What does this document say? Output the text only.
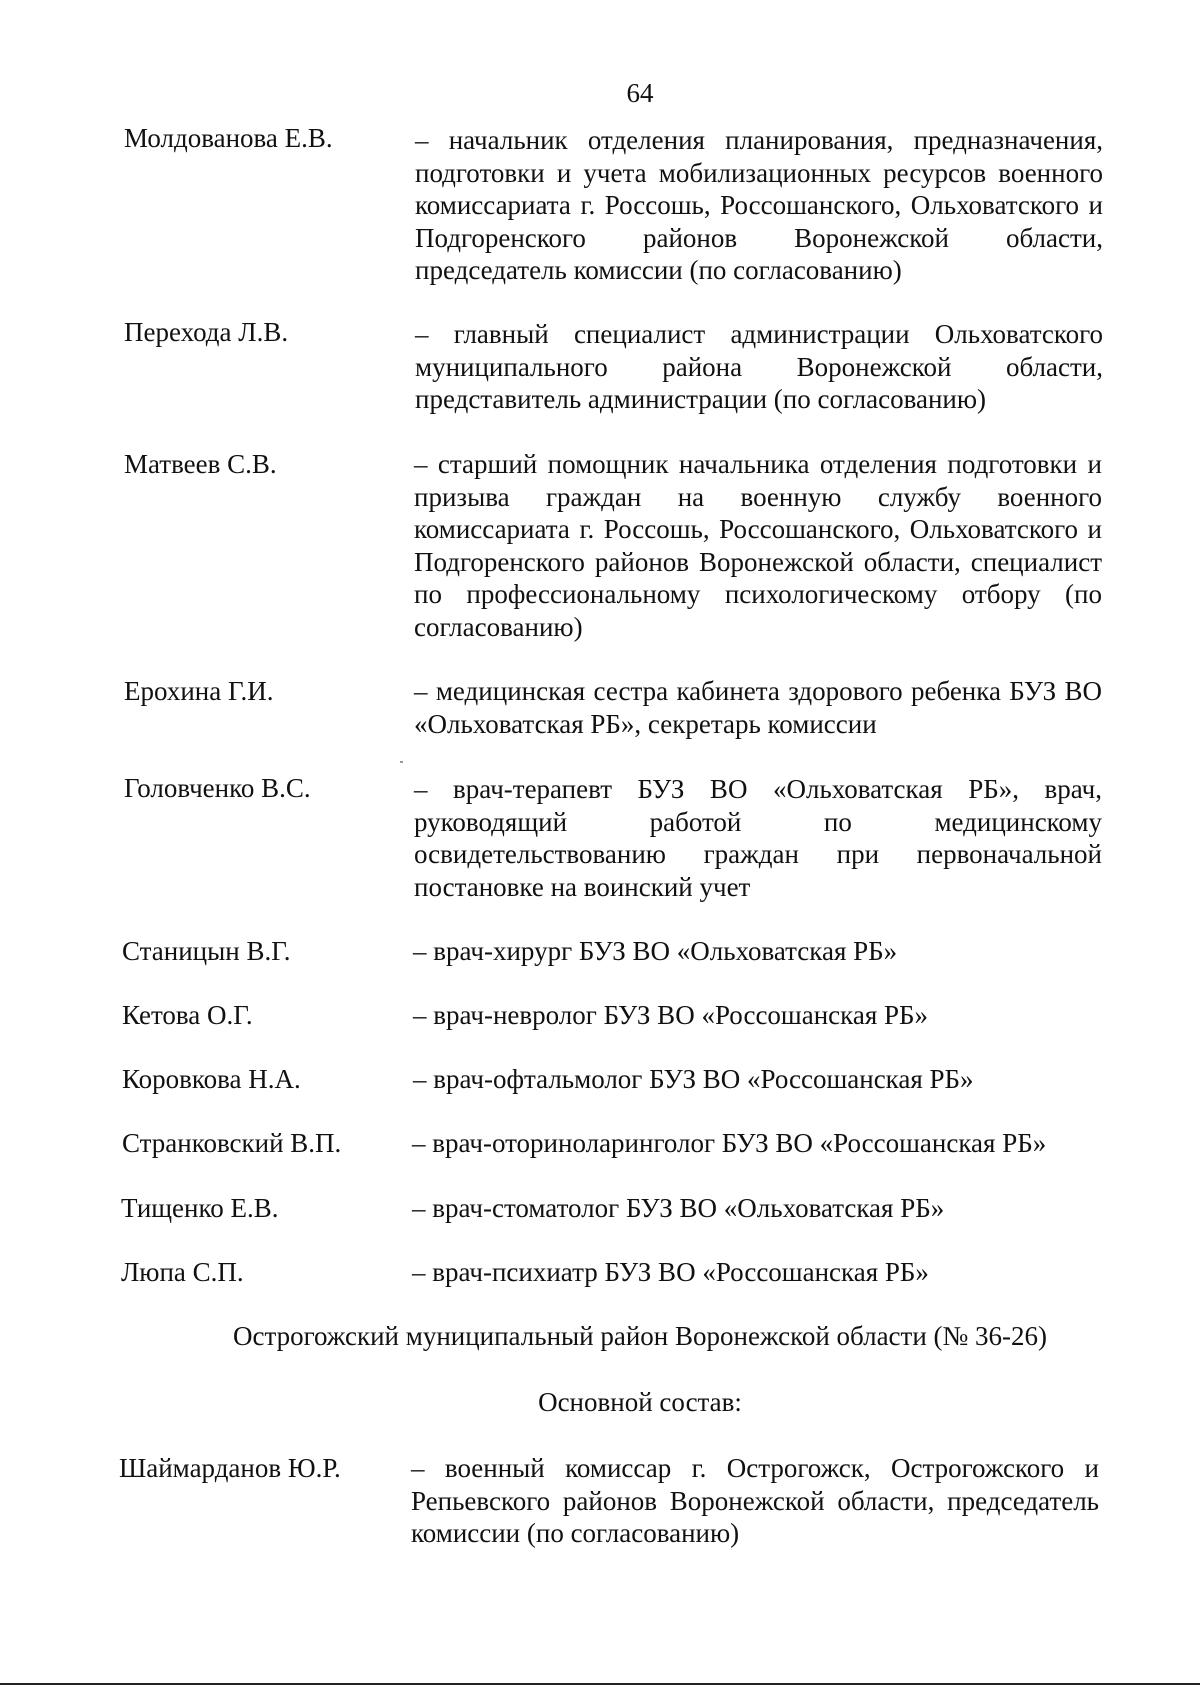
64
Молдованова Е.В.	– начальник отделения планирования, предназначения, подготовки и учета мобилизационных ресурсов военного комиссариата г. Россошь, Россошанского, Ольховатского и Подгоренского районов Воронежской области, председатель комиссии (по согласованию)
Перехода Л.В.	– главный специалист администрации Ольховатского муниципального района Воронежской области, представитель администрации (по согласованию)
Матвеев С.В.	– старший помощник начальника отделения подготовки и призыва граждан на военную службу военного комиссариата г. Россошь, Россошанского, Ольховатского и Подгоренского районов Воронежской области, специалист по профессиональному психологическому отбору (по согласованию)
Ерохина Г.И.	– медицинская сестра кабинета здорового ребенка БУЗ ВО «Ольховатская РБ», секретарь комиссии
Головченко В.С.	– врач-терапевт БУЗ ВО «Ольховатская РБ», врач, руководящий работой по медицинскому освидетельствованию граждан при первоначальной постановке на воинский учет
Станицын В.Г.	– врач-хирург БУЗ ВО «Ольховатская РБ»
Кетова О.Г.	– врач-невролог БУЗ ВО «Россошанская РБ»
Коровкова Н.А.	– врач-офтальмолог БУЗ ВО «Россошанская РБ»
Странковский В.П.	– врач-оториноларинголог БУЗ ВО «Россошанская РБ»
Тищенко Е.В.	– врач-стоматолог БУЗ ВО «Ольховатская РБ»
Люпа С.П.	– врач-психиатр БУЗ ВО «Россошанская РБ»
Острогожский муниципальный район Воронежской области (№ 36-26)
Основной состав:
Шаймарданов Ю.Р.	– военный комиссар г. Острогожск, Острогожского и Репьевского районов Воронежской области, председатель комиссии (по согласованию)
